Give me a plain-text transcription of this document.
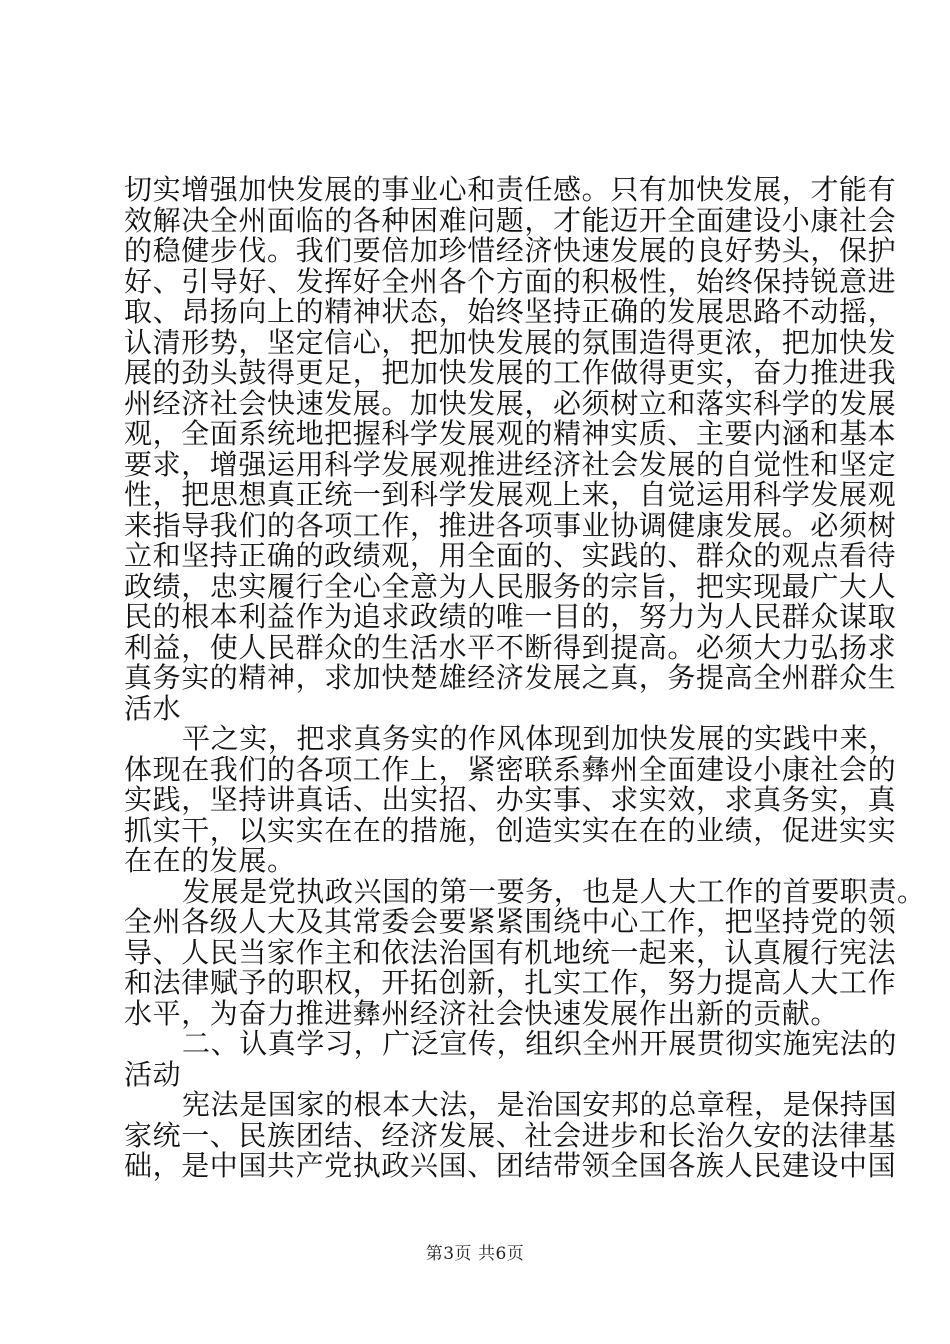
切实增强加快发展的事业心和责任感。只有加快发展，才能有
效解决全州面临的各种困难问题，才能迈开全面建设小康社会
的稳健步伐。我们要倍加珍惜经济快速发展的良好势头，保护
好、引导好、发挥好全州各个方面的积极性，始终保持锐意进
取、昂扬向上的精神状态，始终坚持正确的发展思路不动摇，
认清形势，坚定信心，把加快发展的氛围造得更浓，把加快发
展的劲头鼓得更足，把加快发展的工作做得更实，奋力推进我
州经济社会快速发展。加快发展，必须树立和落实科学的发展
观，全面系统地把握科学发展观的精神实质、主要内涵和基本
要求，增强运用科学发展观推进经济社会发展的自觉性和坚定
性，把思想真正统一到科学发展观上来，自觉运用科学发展观
来指导我们的各项工作，推进各项事业协调健康发展。必须树
立和坚持正确的政绩观，用全面的、实践的、群众的观点看待
政绩，忠实履行全心全意为人民服务的宗旨，把实现最广大人
民的根本利益作为追求政绩的唯一目的，努力为人民群众谋取
利益，使人民群众的生活水平不断得到提高。必须大力弘扬求
真务实的精神，求加快楚雄经济发展之真，务提高全州群众生
活水
平之实，把求真务实的作风体现到加快发展的实践中来，
体现在我们的各项工作上，紧密联系彝州全面建设小康社会的
实践，坚持讲真话、出实招、办实事、求实效，求真务实，真
抓实干，以实实在在的措施，创造实实在在的业绩，促进实实
在在的发展。
发展是党执政兴国的第一要务，也是人大工作的首要职责。
全州各级人大及其常委会要紧紧围绕中心工作，把坚持党的领
导、人民当家作主和依法治国有机地统一起来，认真履行宪法
和法律赋予的职权，开拓创新，扎实工作，努力提高人大工作
水平，为奋力推进彝州经济社会快速发展作出新的贡献。
二、认真学习，广泛宣传，组织全州开展贯彻实施宪法的
活动
宪法是国家的根本大法，是治国安邦的总章程，是保持国
家统一、民族团结、经济发展、社会进步和长治久安的法律基
础，是中国共产党执政兴国、团结带领全国各族人民建设中国
第3页 共6页
